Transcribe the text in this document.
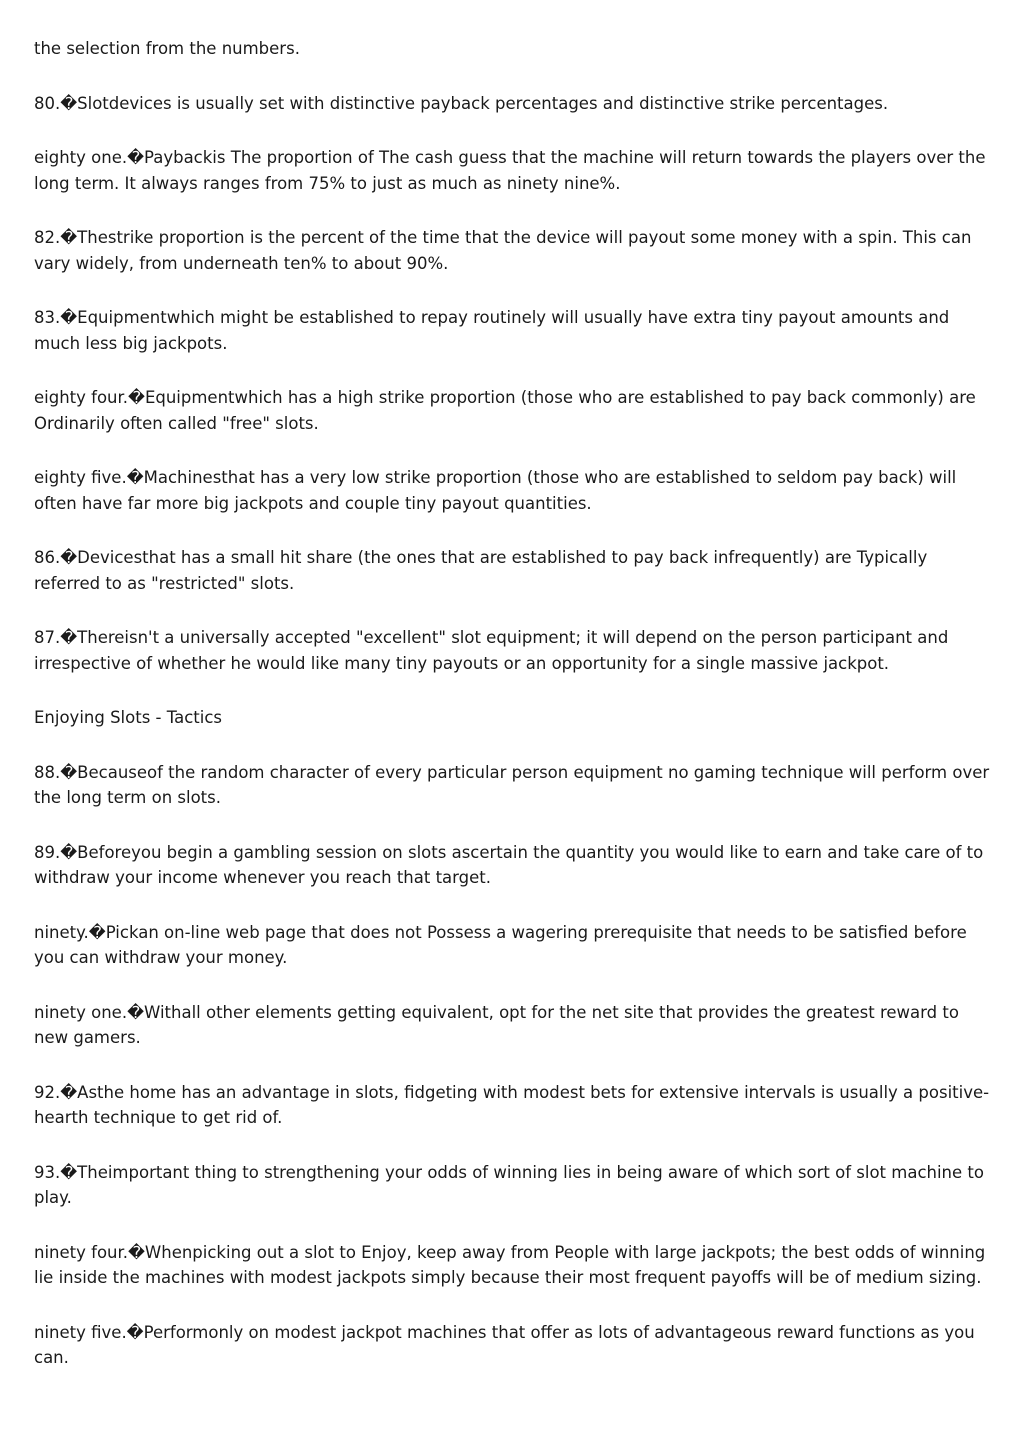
the selection from the numbers.

80.�Slotdevices is usually set with distinctive payback percentages and distinctive strike percentages.

eighty one.�Paybackis The proportion of The cash guess that the machine will return towards the players over the long term. It always ranges from 75% to just as much as ninety nine%.

82.�Thestrike proportion is the percent of the time that the device will payout some money with a spin. This can vary widely, from underneath ten% to about 90%.

83.�Equipmentwhich might be established to repay routinely will usually have extra tiny payout amounts and much less big jackpots.

eighty four.�Equipmentwhich has a high strike proportion (those who are established to pay back commonly) are Ordinarily often called "free" slots.

eighty five.�Machinesthat has a very low strike proportion (those who are established to seldom pay back) will often have far more big jackpots and couple tiny payout quantities.

86.�Devicesthat has a small hit share (the ones that are established to pay back infrequently) are Typically referred to as "restricted" slots.

87.�Thereisn't a universally accepted "excellent" slot equipment; it will depend on the person participant and irrespective of whether he would like many tiny payouts or an opportunity for a single massive jackpot.

Enjoying Slots - Tactics

88.�Becauseof the random character of every particular person equipment no gaming technique will perform over the long term on slots.

89.�Beforeyou begin a gambling session on slots ascertain the quantity you would like to earn and take care of to withdraw your income whenever you reach that target.

ninety.�Pickan on-line web page that does not Possess a wagering prerequisite that needs to be satisfied before you can withdraw your money.

ninety one.�Withall other elements getting equivalent, opt for the net site that provides the greatest reward to new gamers.

92.�Asthe home has an advantage in slots, fidgeting with modest bets for extensive intervals is usually a positive-hearth technique to get rid of.

93.�Theimportant thing to strengthening your odds of winning lies in being aware of which sort of slot machine to play.

ninety four.�Whenpicking out a slot to Enjoy, keep away from People with large jackpots; the best odds of winning lie inside the machines with modest jackpots simply because their most frequent payoffs will be of medium sizing.

ninety five.�Performonly on modest jackpot machines that offer as lots of advantageous reward functions as you can.
